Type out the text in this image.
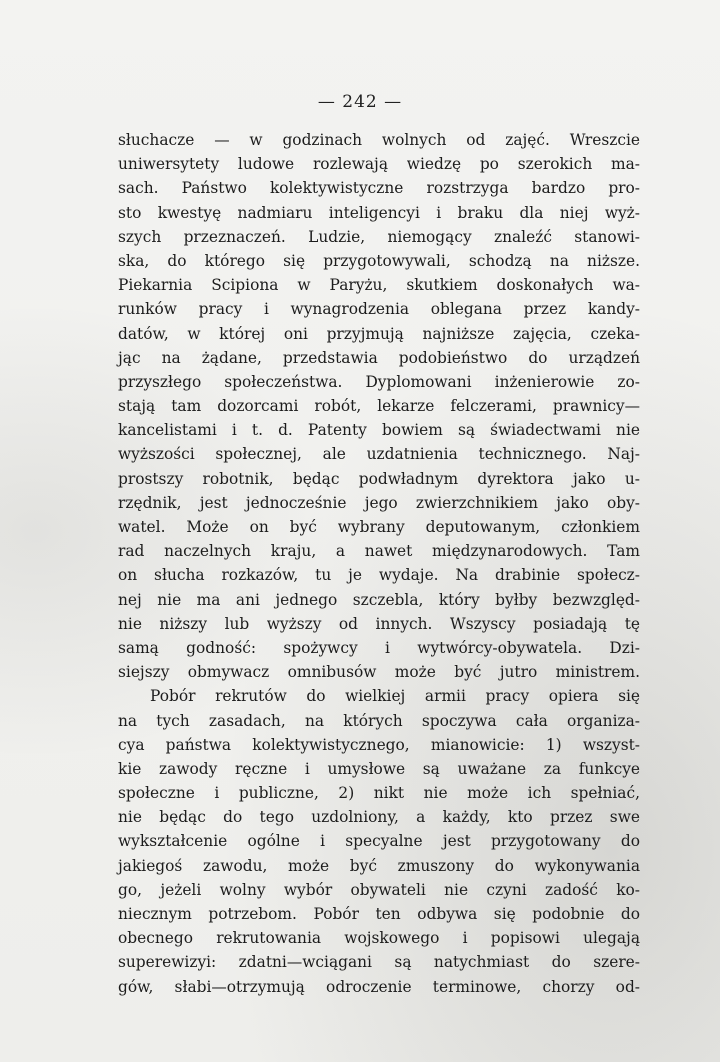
— 242 —
słuchacze — w godzinach wolnych od zajęć. Wreszcie
uniwersytety ludowe rozlewają wiedzę po szerokich ma-
sach. Państwo kolektywistyczne rozstrzyga bardzo pro-
sto kwestyę nadmiaru inteligencyi i braku dla niej wyż-
szych przeznaczeń. Ludzie, niemogący znaleźć stanowi-
ska, do którego się przygotowywali, schodzą na niższe.
Piekarnia Scipiona w Paryżu, skutkiem doskonałych wa-
runków pracy i wynagrodzenia oblegana przez kandy-
datów, w której oni przyjmują najniższe zajęcia, czeka-
jąc na żądane, przedstawia podobieństwo do urządzeń
przyszłego społeczeństwa. Dyplomowani inżenierowie zo-
stają tam dozorcami robót, lekarze felczerami, prawnicy—
kancelistami i t. d. Patenty bowiem są świadectwami nie
wyższości społecznej, ale uzdatnienia technicznego. Naj-
prostszy robotnik, będąc podwładnym dyrektora jako u-
rzędnik, jest jednocześnie jego zwierzchnikiem jako oby-
watel. Może on być wybrany deputowanym, członkiem
rad naczelnych kraju, a nawet międzynarodowych. Tam
on słucha rozkazów, tu je wydaje. Na drabinie społecz-
nej nie ma ani jednego szczebla, który byłby bezwzględ-
nie niższy lub wyższy od innych. Wszyscy posiadają tę
samą godność: spożywcy i wytwórcy-obywatela. Dzi-
siejszy obmywacz omnibusów może być jutro ministrem.
Pobór rekrutów do wielkiej armii pracy opiera się
na tych zasadach, na których spoczywa cała organiza-
cya państwa kolektywistycznego, mianowicie: 1) wszyst-
kie zawody ręczne i umysłowe są uważane za funkcye
społeczne i publiczne, 2) nikt nie może ich spełniać,
nie będąc do tego uzdolniony, a każdy, kto przez swe
wykształcenie ogólne i specyalne jest przygotowany do
jakiegoś zawodu, może być zmuszony do wykonywania
go, jeżeli wolny wybór obywateli nie czyni zadość ko-
niecznym potrzebom. Pobór ten odbywa się podobnie do
obecnego rekrutowania wojskowego i popisowi ulegają
superewizyi: zdatni—wciągani są natychmiast do szere-
gów, słabi—otrzymują odroczenie terminowe, chorzy od-
